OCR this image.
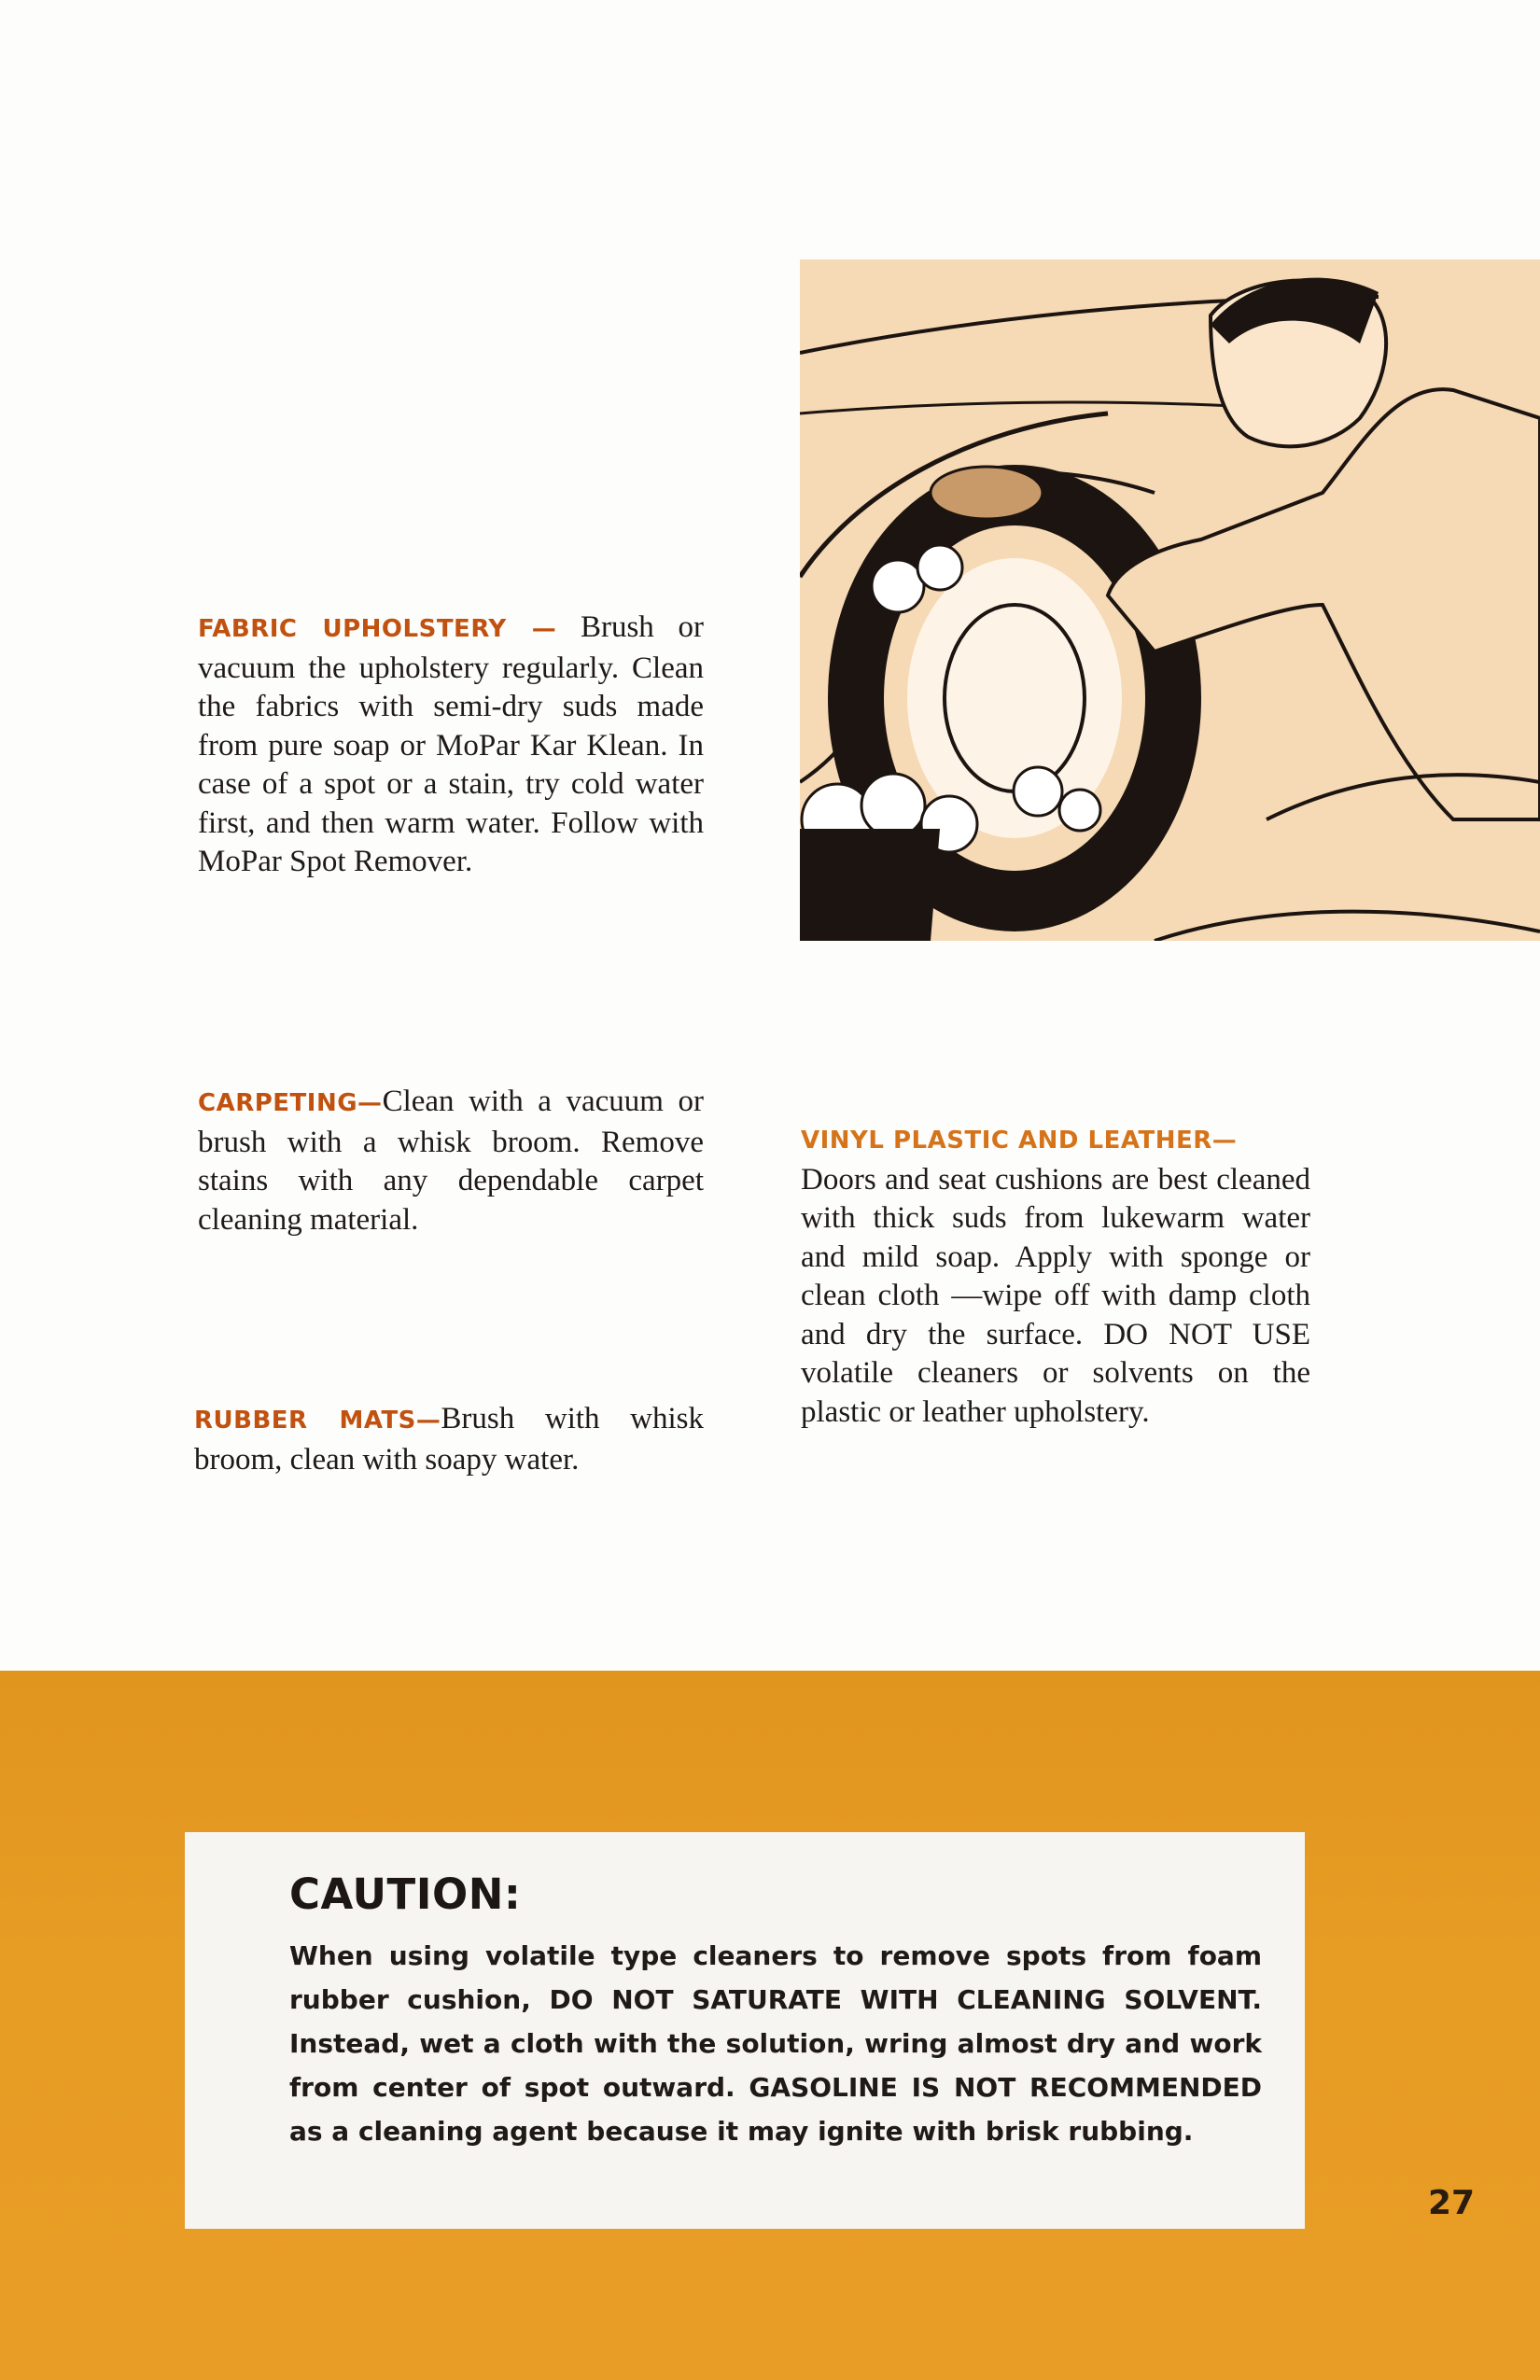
FABRIC UPHOLSTERY — Brush or vacuum the upholstery regularly. Clean the fabrics with semi-dry suds made from pure soap or MoPar Kar Klean. In case of a spot or a stain, try cold water first, and then warm water. Follow with MoPar Spot Remover.

CARPETING—Clean with a vacuum or brush with a whisk broom. Remove stains with any dependable carpet cleaning material.

RUBBER MATS—Brush with whisk broom, clean with soapy water.

VINYL PLASTIC AND LEATHER—

Doors and seat cushions are best cleaned with thick suds from lukewarm water and mild soap. Apply with sponge or clean cloth —wipe off with damp cloth and dry the surface. DO NOT USE volatile cleaners or solvents on the plastic or leather upholstery.

CAUTION:

When using volatile type cleaners to remove spots from foam rubber cushion, DO NOT SATURATE WITH CLEANING SOLVENT. Instead, wet a cloth with the solution, wring almost dry and work from center of spot outward. GASOLINE IS NOT RECOMMENDED as a cleaning agent because it may ignite with brisk rubbing.

27
